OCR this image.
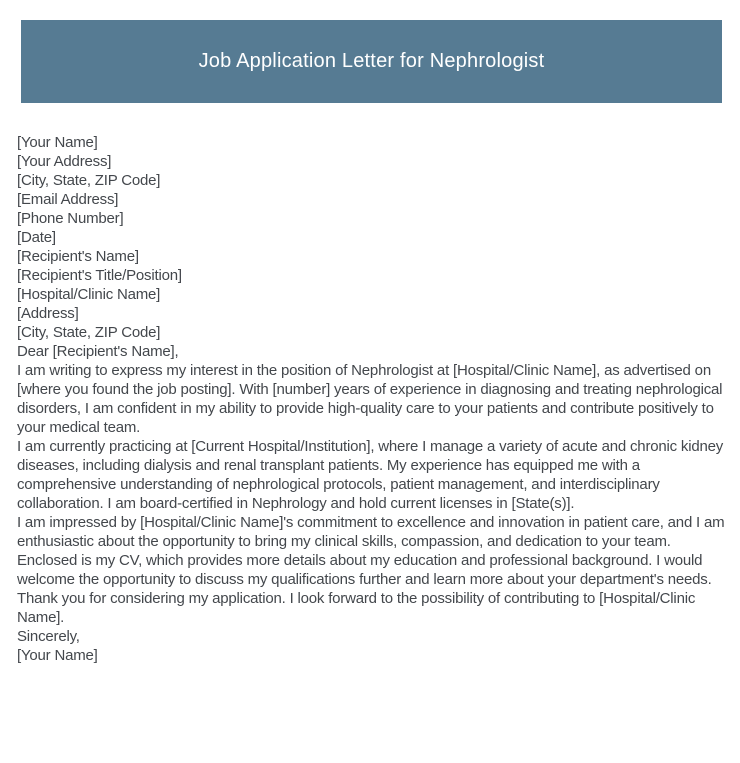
Job Application Letter for Nephrologist
[Your Name]
[Your Address]
[City, State, ZIP Code]
[Email Address]
[Phone Number]
[Date]
[Recipient's Name]
[Recipient's Title/Position]
[Hospital/Clinic Name]
[Address]
[City, State, ZIP Code]
Dear [Recipient's Name],

I am writing to express my interest in the position of Nephrologist at [Hospital/Clinic Name], as advertised on [where you found the job posting]. With [number] years of experience in diagnosing and treating nephrological disorders, I am confident in my ability to provide high-quality care to your patients and contribute positively to your medical team.

I am currently practicing at [Current Hospital/Institution], where I manage a variety of acute and chronic kidney diseases, including dialysis and renal transplant patients. My experience has equipped me with a comprehensive understanding of nephrological protocols, patient management, and interdisciplinary collaboration. I am board-certified in Nephrology and hold current licenses in [State(s)].

I am impressed by [Hospital/Clinic Name]'s commitment to excellence and innovation in patient care, and I am enthusiastic about the opportunity to bring my clinical skills, compassion, and dedication to your team.

Enclosed is my CV, which provides more details about my education and professional background. I would welcome the opportunity to discuss my qualifications further and learn more about your department's needs.

Thank you for considering my application. I look forward to the possibility of contributing to [Hospital/Clinic Name].

Sincerely,
[Your Name]
